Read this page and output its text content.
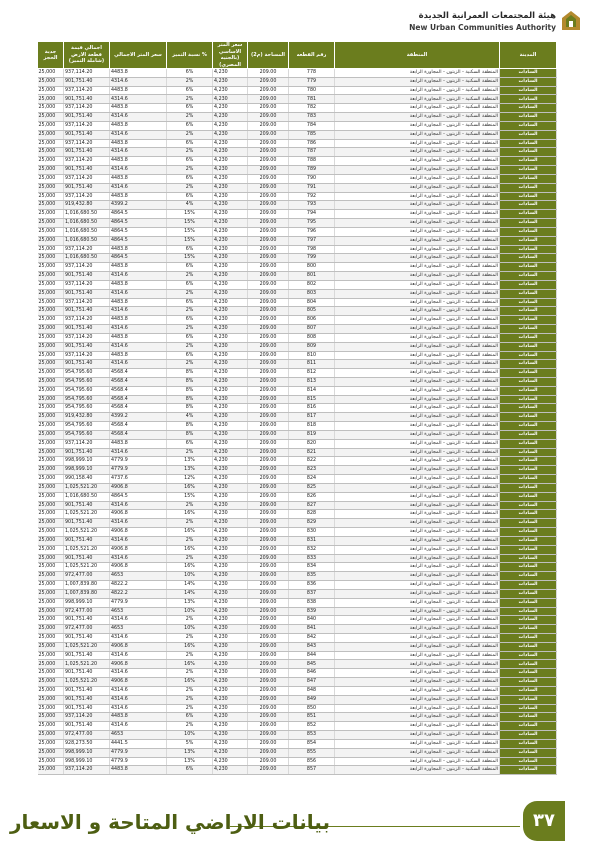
هيئة المجتمعات العمرانية الجديدة
New Urban Communities Authority
جدية الحجز	اجمالي قيمة قطعة الارض (شاملة التميز)	سعر المتر الاجمالي	نسبة التميز %	سعر المتر الاساسي (بالجنيه المصري)	المساحة (م2)	رقم القطعه	المنطقة	المدينة
25,000	937,114.20	4483.8	6%	4,230	209.00	778	المنطقة السكنية - الزيتون - المجاورة الرابعة	السادات
25,000	901,751.40	4314.6	2%	4,230	209.00	779	المنطقة السكنية - الزيتون - المجاورة الرابعة	السادات
25,000	937,114.20	4483.8	6%	4,230	209.00	780	المنطقة السكنية - الزيتون - المجاورة الرابعة	السادات
25,000	901,751.40	4314.6	2%	4,230	209.00	781	المنطقة السكنية - الزيتون - المجاورة الرابعة	السادات
25,000	937,114.20	4483.8	6%	4,230	209.00	782	المنطقة السكنية - الزيتون - المجاورة الرابعة	السادات
25,000	901,751.40	4314.6	2%	4,230	209.00	783	المنطقة السكنية - الزيتون - المجاورة الرابعة	السادات
25,000	937,114.20	4483.8	6%	4,230	209.00	784	المنطقة السكنية - الزيتون - المجاورة الرابعة	السادات
25,000	901,751.40	4314.6	2%	4,230	209.00	785	المنطقة السكنية - الزيتون - المجاورة الرابعة	السادات
25,000	937,114.20	4483.8	6%	4,230	209.00	786	المنطقة السكنية - الزيتون - المجاورة الرابعة	السادات
25,000	901,751.40	4314.6	2%	4,230	209.00	787	المنطقة السكنية - الزيتون - المجاورة الرابعة	السادات
25,000	937,114.20	4483.8	6%	4,230	209.00	788	المنطقة السكنية - الزيتون - المجاورة الرابعة	السادات
25,000	901,751.40	4314.6	2%	4,230	209.00	789	المنطقة السكنية - الزيتون - المجاورة الرابعة	السادات
25,000	937,114.20	4483.8	6%	4,230	209.00	790	المنطقة السكنية - الزيتون - المجاورة الرابعة	السادات
25,000	901,751.40	4314.6	2%	4,230	209.00	791	المنطقة السكنية - الزيتون - المجاورة الرابعة	السادات
25,000	937,114.20	4483.8	6%	4,230	209.00	792	المنطقة السكنية - الزيتون - المجاورة الرابعة	السادات
25,000	919,432.80	4399.2	4%	4,230	209.00	793	المنطقة السكنية - الزيتون - المجاورة الرابعة	السادات
25,000	1,016,680.50	4864.5	15%	4,230	209.00	794	المنطقة السكنية - الزيتون - المجاورة الرابعة	السادات
25,000	1,016,680.50	4864.5	15%	4,230	209.00	795	المنطقة السكنية - الزيتون - المجاورة الرابعة	السادات
25,000	1,016,680.50	4864.5	15%	4,230	209.00	796	المنطقة السكنية - الزيتون - المجاورة الرابعة	السادات
25,000	1,016,680.50	4864.5	15%	4,230	209.00	797	المنطقة السكنية - الزيتون - المجاورة الرابعة	السادات
25,000	937,114.20	4483.8	6%	4,230	209.00	798	المنطقة السكنية - الزيتون - المجاورة الرابعة	السادات
25,000	1,016,680.50	4864.5	15%	4,230	209.00	799	المنطقة السكنية - الزيتون - المجاورة الرابعة	السادات
25,000	937,114.20	4483.8	6%	4,230	209.00	800	المنطقة السكنية - الزيتون - المجاورة الرابعة	السادات
25,000	901,751.40	4314.6	2%	4,230	209.00	801	المنطقة السكنية - الزيتون - المجاورة الرابعة	السادات
25,000	937,114.20	4483.8	6%	4,230	209.00	802	المنطقة السكنية - الزيتون - المجاورة الرابعة	السادات
25,000	901,751.40	4314.6	2%	4,230	209.00	803	المنطقة السكنية - الزيتون - المجاورة الرابعة	السادات
25,000	937,114.20	4483.8	6%	4,230	209.00	804	المنطقة السكنية - الزيتون - المجاورة الرابعة	السادات
25,000	901,751.40	4314.6	2%	4,230	209.00	805	المنطقة السكنية - الزيتون - المجاورة الرابعة	السادات
25,000	937,114.20	4483.8	6%	4,230	209.00	806	المنطقة السكنية - الزيتون - المجاورة الرابعة	السادات
25,000	901,751.40	4314.6	2%	4,230	209.00	807	المنطقة السكنية - الزيتون - المجاورة الرابعة	السادات
25,000	937,114.20	4483.8	6%	4,230	209.00	808	المنطقة السكنية - الزيتون - المجاورة الرابعة	السادات
25,000	901,751.40	4314.6	2%	4,230	209.00	809	المنطقة السكنية - الزيتون - المجاورة الرابعة	السادات
25,000	937,114.20	4483.8	6%	4,230	209.00	810	المنطقة السكنية - الزيتون - المجاورة الرابعة	السادات
25,000	901,751.40	4314.6	2%	4,230	209.00	811	المنطقة السكنية - الزيتون - المجاورة الرابعة	السادات
25,000	954,795.60	4568.4	8%	4,230	209.00	812	المنطقة السكنية - الزيتون - المجاورة الرابعة	السادات
25,000	954,795.60	4568.4	8%	4,230	209.00	813	المنطقة السكنية - الزيتون - المجاورة الرابعة	السادات
25,000	954,795.60	4568.4	8%	4,230	209.00	814	المنطقة السكنية - الزيتون - المجاورة الرابعة	السادات
25,000	954,795.60	4568.4	8%	4,230	209.00	815	المنطقة السكنية - الزيتون - المجاورة الرابعة	السادات
25,000	954,795.60	4568.4	8%	4,230	209.00	816	المنطقة السكنية - الزيتون - المجاورة الرابعة	السادات
25,000	919,432.80	4399.2	4%	4,230	209.00	817	المنطقة السكنية - الزيتون - المجاورة الرابعة	السادات
25,000	954,795.60	4568.4	8%	4,230	209.00	818	المنطقة السكنية - الزيتون - المجاورة الرابعة	السادات
25,000	954,795.60	4568.4	8%	4,230	209.00	819	المنطقة السكنية - الزيتون - المجاورة الرابعة	السادات
25,000	937,114.20	4483.8	6%	4,230	209.00	820	المنطقة السكنية - الزيتون - المجاورة الرابعة	السادات
25,000	901,751.40	4314.6	2%	4,230	209.00	821	المنطقة السكنية - الزيتون - المجاورة الرابعة	السادات
25,000	998,999.10	4779.9	13%	4,230	209.00	822	المنطقة السكنية - الزيتون - المجاورة الرابعة	السادات
25,000	998,999.10	4779.9	13%	4,230	209.00	823	المنطقة السكنية - الزيتون - المجاورة الرابعة	السادات
25,000	990,158.40	4737.6	12%	4,230	209.00	824	المنطقة السكنية - الزيتون - المجاورة الرابعة	السادات
25,000	1,025,521.20	4906.8	16%	4,230	209.00	825	المنطقة السكنية - الزيتون - المجاورة الرابعة	السادات
25,000	1,016,680.50	4864.5	15%	4,230	209.00	826	المنطقة السكنية - الزيتون - المجاورة الرابعة	السادات
25,000	901,751.40	4314.6	2%	4,230	209.00	827	المنطقة السكنية - الزيتون - المجاورة الرابعة	السادات
25,000	1,025,521.20	4906.8	16%	4,230	209.00	828	المنطقة السكنية - الزيتون - المجاورة الرابعة	السادات
25,000	901,751.40	4314.6	2%	4,230	209.00	829	المنطقة السكنية - الزيتون - المجاورة الرابعة	السادات
25,000	1,025,521.20	4906.8	16%	4,230	209.00	830	المنطقة السكنية - الزيتون - المجاورة الرابعة	السادات
25,000	901,751.40	4314.6	2%	4,230	209.00	831	المنطقة السكنية - الزيتون - المجاورة الرابعة	السادات
25,000	1,025,521.20	4906.8	16%	4,230	209.00	832	المنطقة السكنية - الزيتون - المجاورة الرابعة	السادات
25,000	901,751.40	4314.6	2%	4,230	209.00	833	المنطقة السكنية - الزيتون - المجاورة الرابعة	السادات
25,000	1,025,521.20	4906.8	16%	4,230	209.00	834	المنطقة السكنية - الزيتون - المجاورة الرابعة	السادات
25,000	972,477.00	4653	10%	4,230	209.00	835	المنطقة السكنية - الزيتون - المجاورة الرابعة	السادات
25,000	1,007,839.80	4822.2	14%	4,230	209.00	836	المنطقة السكنية - الزيتون - المجاورة الرابعة	السادات
25,000	1,007,839.80	4822.2	14%	4,230	209.00	837	المنطقة السكنية - الزيتون - المجاورة الرابعة	السادات
25,000	998,999.10	4779.9	13%	4,230	209.00	838	المنطقة السكنية - الزيتون - المجاورة الرابعة	السادات
25,000	972,477.00	4653	10%	4,230	209.00	839	المنطقة السكنية - الزيتون - المجاورة الرابعة	السادات
25,000	901,751.40	4314.6	2%	4,230	209.00	840	المنطقة السكنية - الزيتون - المجاورة الرابعة	السادات
25,000	972,477.00	4653	10%	4,230	209.00	841	المنطقة السكنية - الزيتون - المجاورة الرابعة	السادات
25,000	901,751.40	4314.6	2%	4,230	209.00	842	المنطقة السكنية - الزيتون - المجاورة الرابعة	السادات
25,000	1,025,521.20	4906.8	16%	4,230	209.00	843	المنطقة السكنية - الزيتون - المجاورة الرابعة	السادات
25,000	901,751.40	4314.6	2%	4,230	209.00	844	المنطقة السكنية - الزيتون - المجاورة الرابعة	السادات
25,000	1,025,521.20	4906.8	16%	4,230	209.00	845	المنطقة السكنية - الزيتون - المجاورة الرابعة	السادات
25,000	901,751.40	4314.6	2%	4,230	209.00	846	المنطقة السكنية - الزيتون - المجاورة الرابعة	السادات
25,000	1,025,521.20	4906.8	16%	4,230	209.00	847	المنطقة السكنية - الزيتون - المجاورة الرابعة	السادات
25,000	901,751.40	4314.6	2%	4,230	209.00	848	المنطقة السكنية - الزيتون - المجاورة الرابعة	السادات
25,000	901,751.40	4314.6	2%	4,230	209.00	849	المنطقة السكنية - الزيتون - المجاورة الرابعة	السادات
25,000	901,751.40	4314.6	2%	4,230	209.00	850	المنطقة السكنية - الزيتون - المجاورة الرابعة	السادات
25,000	937,114.20	4483.8	6%	4,230	209.00	851	المنطقة السكنية - الزيتون - المجاورة الرابعة	السادات
25,000	901,751.40	4314.6	2%	4,230	209.00	852	المنطقة السكنية - الزيتون - المجاورة الرابعة	السادات
25,000	972,477.00	4653	10%	4,230	209.00	853	المنطقة السكنية - الزيتون - المجاورة الرابعة	السادات
25,000	928,273.50	4441.5	5%	4,230	209.00	854	المنطقة السكنية - الزيتون - المجاورة الرابعة	السادات
25,000	998,999.10	4779.9	13%	4,230	209.00	855	المنطقة السكنية - الزيتون - المجاورة الرابعة	السادات
25,000	998,999.10	4779.9	13%	4,230	209.00	856	المنطقة السكنية - الزيتون - المجاورة الرابعة	السادات
25,000	937,114.20	4483.8	6%	4,230	209.00	857	المنطقة السكنية - الزيتون - المجاورة الرابعة	السادات
بيانات الاراضي المتاحة و الاسعار	٣٧
